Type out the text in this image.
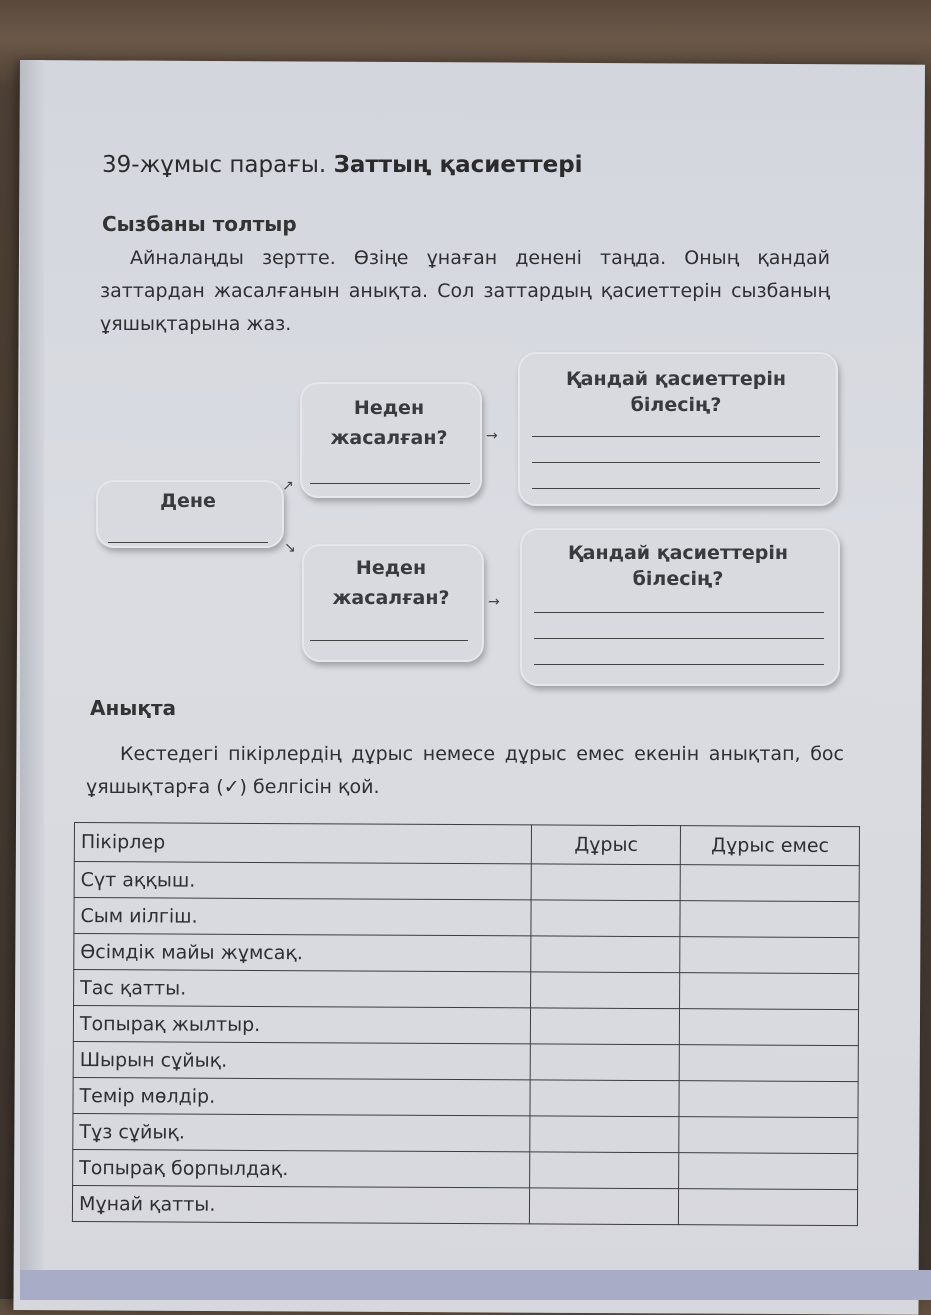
39-жұмыс парағы. Заттың қасиеттері
Сызбаны толтыр
Айналаңды зертте. Өзіңе ұнаған денені таңда. Оның қандай заттардан жасалғанын анықта. Сол заттардың қасиеттерін сызбаның ұяшықтарына жаз.
Дене
Неден жасалған?
Неден жасалған?
Қандай қасиеттерін білесің?
Қандай қасиеттерін білесің?
↗
↘
→
→
Анықта
Кестедегі пікірлердің дұрыс немесе дұрыс емес екенін анықтап, бос ұяшықтарға (✓) белгісін қой.
Пікірлер	Дұрыс	Дұрыс емес
Сүт аққыш.		
Сым иілгіш.		
Өсімдік майы жұмсақ.		
Тас қатты.		
Топырақ жылтыр.		
Шырын сұйық.		
Темір мөлдір.		
Тұз сұйық.		
Топырақ борпылдақ.		
Мұнай қатты.		
